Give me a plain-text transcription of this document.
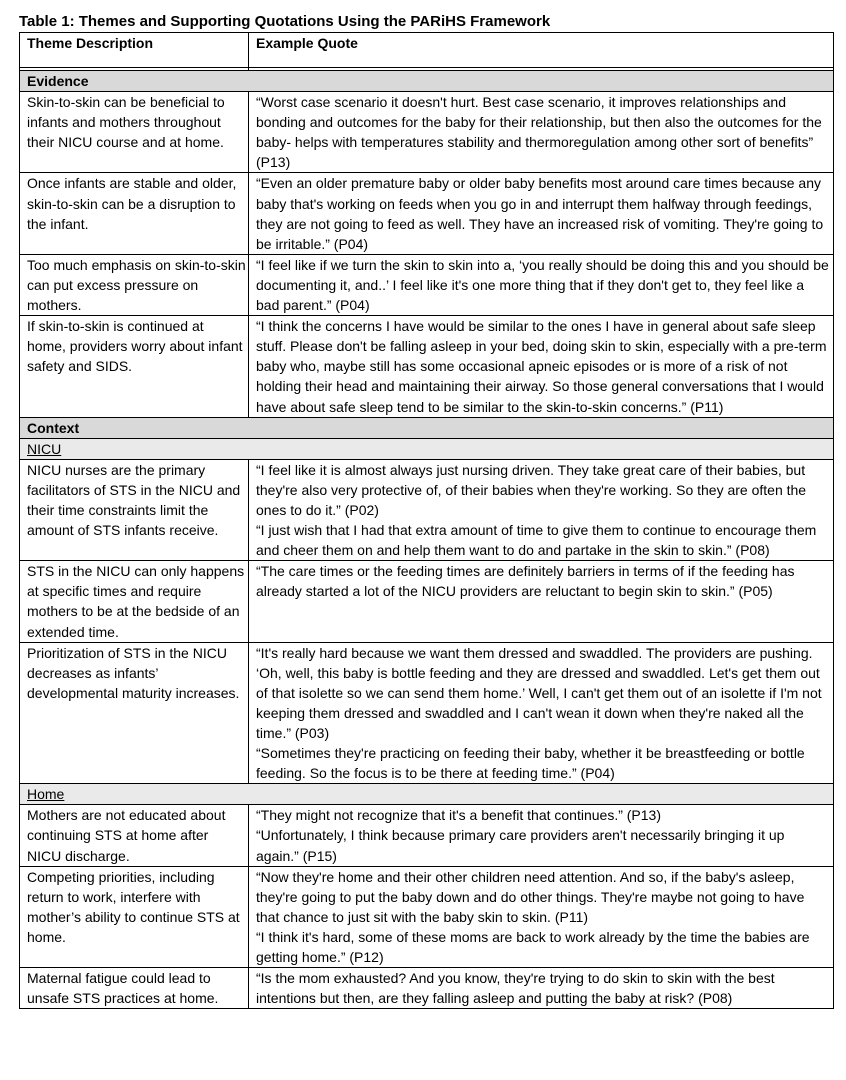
Table 1: Themes and Supporting Quotations Using the PARiHS Framework
Theme Description	Example Quote

Evidence	
Skin-to-skin can be beneficial to infants and mothers throughout their NICU course and at home.	“Worst case scenario it doesn't hurt. Best case scenario, it improves relationships and bonding and outcomes for the baby for their relationship, but then also the outcomes for the baby- helps with temperatures stability and thermoregulation among other sort of benefits” (P13)

Once infants are stable and older, skin-to-skin can be a disruption to the infant.	“Even an older premature baby or older baby benefits most around care times because any baby that's working on feeds when you go in and interrupt them halfway through feedings, they are not going to feed as well. They have an increased risk of vomiting. They're going to be irritable.” (P04)

Too much emphasis on skin-to-skin can put excess pressure on mothers.	“I feel like if we turn the skin to skin into a, ‘you really should be doing this and you should be documenting it, and..’ I feel like it's one more thing that if they don't get to, they feel like a bad parent.” (P04)

If skin-to-skin is continued at home, providers worry about infant safety and SIDS.	“I think the concerns I have would be similar to the ones I have in general about safe sleep stuff. Please don't be falling asleep in your bed, doing skin to skin, especially with a pre-term baby who, maybe still has some occasional apneic episodes or is more of a risk of not holding their head and maintaining their airway. So those general conversations that I would have about safe sleep tend to be similar to the skin-to-skin concerns.” (P11)

Context	
NICU	
NICU nurses are the primary facilitators of STS in the NICU and their time constraints limit the amount of STS infants receive.	“I feel like it is almost always just nursing driven. They take great care of their babies, but they're also very protective of, of their babies when they're working. So they are often the ones to do it.” (P02)

“I just wish that I had that extra amount of time to give them to continue to encourage them and cheer them on and help them want to do and partake in the skin to skin.” (P08)

STS in the NICU can only happens at specific times and require mothers to be at the bedside of an extended time.	“The care times or the feeding times are definitely barriers in terms of if the feeding has already started a lot of the NICU providers are reluctant to begin skin to skin.” (P05)

Prioritization of STS in the NICU decreases as infants’ developmental maturity increases.	“It's really hard because we want them dressed and swaddled. The providers are pushing. ‘Oh, well, this baby is bottle feeding and they are dressed and swaddled. Let's get them out of that isolette so we can send them home.’ Well, I can't get them out of an isolette if I'm not keeping them dressed and swaddled and I can't wean it down when they're naked all the time.” (P03)

“Sometimes they're practicing on feeding their baby, whether it be breastfeeding or bottle feeding. So the focus is to be there at feeding time.” (P04)

Home	
Mothers are not educated about continuing STS at home after NICU discharge.	“They might not recognize that it's a benefit that continues.” (P13)

“Unfortunately, I think because primary care providers aren't necessarily bringing it up again.” (P15)

Competing priorities, including return to work, interfere with mother’s ability to continue STS at home.	“Now they're home and their other children need attention. And so, if the baby's asleep, they're going to put the baby down and do other things. They're maybe not going to have that chance to just sit with the baby skin to skin. (P11)

“I think it's hard, some of these moms are back to work already by the time the babies are getting home.” (P12)

Maternal fatigue could lead to unsafe STS practices at home.	“Is the mom exhausted? And you know, they're trying to do skin to skin with the best intentions but then, are they falling asleep and putting the baby at risk? (P08)
